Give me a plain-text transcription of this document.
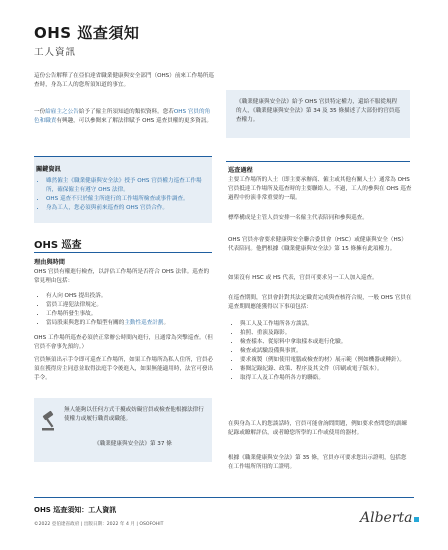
OHS 巡查須知
工人資訊
這份公告解釋了在亞伯達省職業健康與安全部門（OHS）前來工作場所巡查時，身為工人的您所須知道的事宜。
一份給雇主之公告給予了僱主所須知道的類似資料。您若OHS 官員的角色和職責有興趣，可以參閱來了解法律賦予 OHS 巡查員權的更多資訊。

《職業健康與安全法》給予 OHS 官員特定權力，還給不服從規程的人，《職業健康與安全法》第 34 及 35 條描述了大部份的官員巡查權力。

關鍵資訊
• 雖然僱主《職業健康與安全法》授予 OHS 官員權力巡查工作場所，確保僱主有遵守 OHS 法律。
• OHS 巡查不只於僱主所進行的工作場所檢查或事件調查。
• 身為工人，您必須與前來巡查的 OHS 官員合作。
巡查過程
主要工作場所的人士（即主要承辦商、僱主或其他有關人士）通常為 OHS 官員抵達工作場所及巡查時的主要聯絡人。不過，工人的參與在 OHS 巡查過程中扮演非常重要的一環。
標準構成是主管人員安排一名僱主代表陪同和參與巡查。
OHS 官員亦會要求健康與安全聯合委員會（HSC）或健康與安全（HS）代表陪同。他們根據《職業健康與安全法》第 15 條擁有此項權力。
如果沒有 HSC 或 HS 代表，官員可要求另一工人加入巡查。
在巡查期間，官員會針對其法定職責完成與查核符合規，一般 OHS 官員在巡查期間應能獲得以下事項包括：
• 與工人及工作場所各方談話。
• 拍照、重演及錄影。
• 檢查樣本、從原料中拿取樣本或進行化驗。
• 檢查或試驗設備與事實。
• 要求複製（例如使用電腦或檢查的材）展示範（例如機器或轉針）。
• 審閱記錄紀錄、政策、程序及其文件（印刷或電子版本）。
• 取得工人及工作場所各方的聯絡。
在與身為工人的您談話時，官員可能會詢問問題，例如要求查問您的訓練紀錄或瞭解評估，或者瞭您所學的工作或使用的器材。
根據《職業健康與安全法》第 35 條，官員亦可要求您出示證明，包括您在工作場所所用的工證明。
OHS 巡查
理由與時間
OHS 官員有權進行檢查，以評估工作場所是否符合 OHS 法律。巡查的常見理由包括：
• 有人向 OHS 提出投訴。
• 當員工違犯法律規定。
• 工作場所發生事故。
• 當局股東與您的工作類型有關的主動性巡查計劃。
OHS 工作場所巡查必須於正常辦公時間內進行，且通常為突擊巡查。（但官員不會事先預約。）
官員無須出示手令即可巡查工作場所，如果工作場所為私人住所，官員必須在獲得房主同意並取得法庭手令後進入，如果無能適用時，法官可發出手令。
無人能夠以任何方式干擾或妨礙官員或檢查他根據法律行使權力或履行職責或職能。
《職業健康與安全法》第 37 條
OHS 巡查須知：工人資訊
©2022 亞伯達省政府 | 出版日期：2022 年 4 月 | OSOFOHIT	Alberta
